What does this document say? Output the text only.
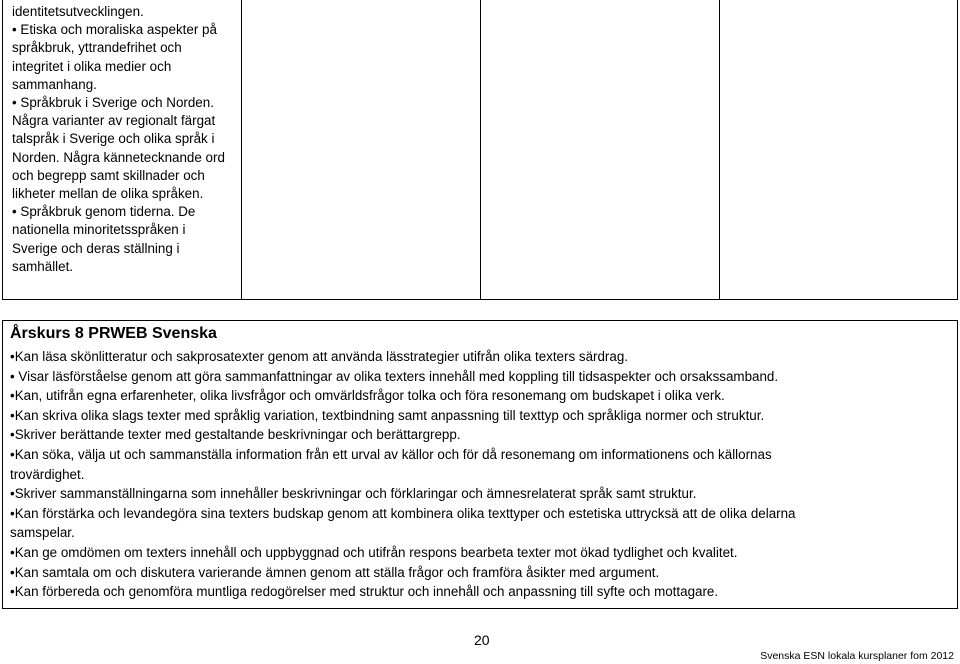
identitetsutvecklingen.
• Etiska och moraliska aspekter på
språkbruk, yttrandefrihet och
integritet i olika medier och
sammanhang.
• Språkbruk i Sverige och Norden.
Några varianter av regionalt färgat
talspråk i Sverige och olika språk i
Norden. Några kännetecknande ord
och begrepp samt skillnader och
likheter mellan de olika språken.
• Språkbruk genom tiderna. De
nationella minoritetsspråken i
Sverige och deras ställning i
samhället.
Årskurs 8 PRWEB Svenska
•Kan läsa skönlitteratur och sakprosatexter genom att använda lässtrategier utifrån olika texters särdrag.
• Visar läsförståelse genom att göra sammanfattningar av olika texters innehåll med koppling till tidsaspekter och orsakssamband.
•Kan, utifrån egna erfarenheter, olika livsfrågor och omvärldsfrågor tolka och föra resonemang om budskapet i olika verk.
•Kan skriva olika slags texter med språklig variation, textbindning samt anpassning till texttyp och språkliga normer och struktur.
•Skriver berättande texter med gestaltande beskrivningar och berättargrepp.
•Kan söka, välja ut och sammanställa information från ett urval av källor och för då resonemang om informationens och källornas
trovärdighet.
•Skriver sammanställningarna som innehåller beskrivningar och förklaringar och ämnesrelaterat språk samt struktur.
•Kan förstärka och levandegöra sina texters budskap genom att kombinera olika texttyper och estetiska uttrycksä att de olika delarna
samspelar.
•Kan ge omdömen om texters innehåll och uppbyggnad och utifrån respons bearbeta texter mot ökad tydlighet och kvalitet.
•Kan samtala om och diskutera varierande ämnen genom att ställa frågor och framföra åsikter med argument.
•Kan förbereda och genomföra muntliga redogörelser med struktur och innehåll och anpassning till syfte och mottagare.
20
Svenska ESN lokala kursplaner fom 2012
